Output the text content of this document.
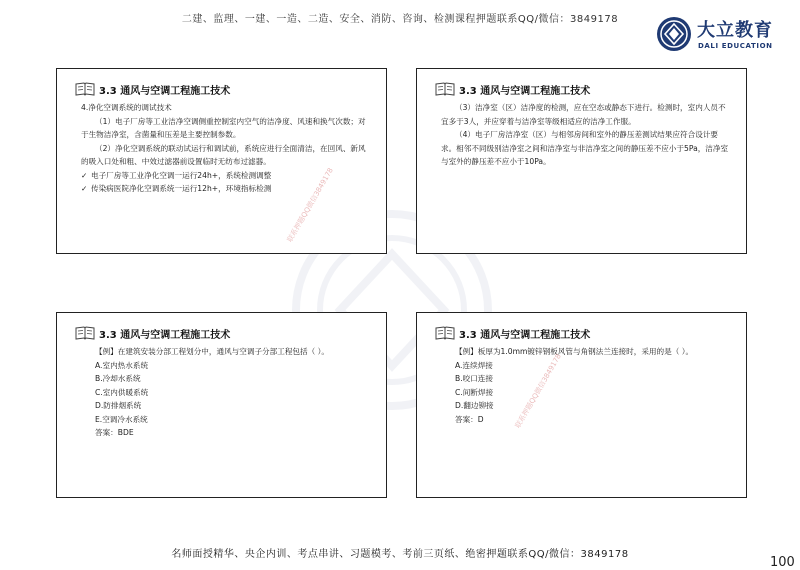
二建、监理、一建、一造、二造、安全、消防、咨询、检测课程押题联系QQ/微信：3849178
大立教育
DALI EDUCATION
3.3 通风与空调工程施工技术

4.净化空调系统的调试技术

（1）电子厂房等工业洁净空调侧重控制室内空气的洁净度、风速和换气次数；对于生物洁净室，含菌量和压差是主要控制参数。

（2）净化空调系统的联动试运行和调试前，系统应进行全面清洁，在回风、新风的吸入口处和粗、中效过滤器前设置临时无纺布过滤器。

✓ 电子厂房等工业净化空调一运行24h+，系统检测调整
✓ 传染病医院净化空调系统一运行12h+，环境指标检测 联系押题QQ微信3849178
3.3 通风与空调工程施工技术

（3）洁净室（区）洁净度的检测，应在空态或静态下进行。检测时，室内人员不宜多于3人，并应穿着与洁净室等级相适应的洁净工作服。

（4）电子厂房洁净室（区）与相邻房间和室外的静压差测试结果应符合设计要求。相邻不同级别洁净室之间和洁净室与非洁净室之间的静压差不应小于5Pa，洁净室与室外的静压差不应小于10Pa。

3.3 通风与空调工程施工技术

【例】在建筑安装分部工程划分中，通风与空调子分部工程包括（ ）。

A.室内热水系统

B.冷却水系统

C.室内供暖系统

D.防排烟系统

E.空调冷水系统

答案：BDE

3.3 通风与空调工程施工技术

【例】板厚为1.0mm镀锌钢板风管与角钢法兰连接时，采用的是（ ）。

A.连续焊接

B.咬口连接

C.间断焊接

D.翻边铆接

答案：D	联系押题QQ微信3849178
名师面授精华、央企内训、考点串讲、习题模考、考前三页纸、绝密押题联系QQ/微信：3849178
100
